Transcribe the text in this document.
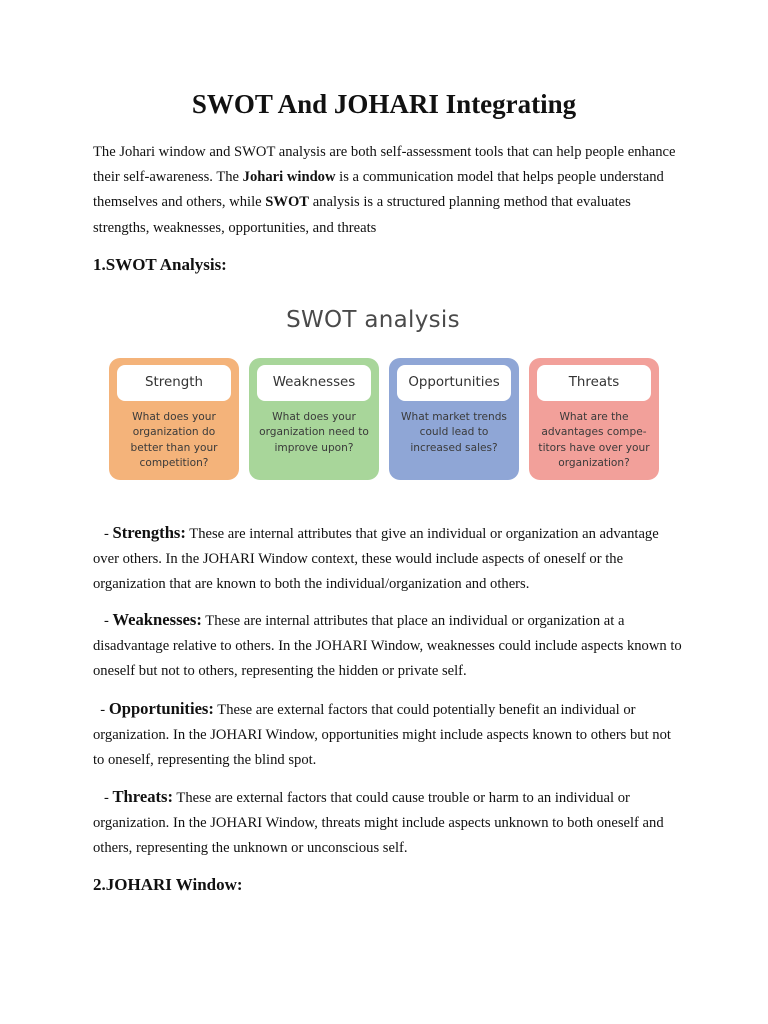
SWOT And JOHARI Integrating

The Johari window and SWOT analysis are both self-assessment tools that can help people enhance their self-awareness. The Johari window is a communication model that helps people understand themselves and others, while SWOT analysis is a structured planning method that evaluates strengths, weaknesses, opportunities, and threats

1.SWOT Analysis:
SWOT analysis
Strength
What does your organization do better than your competition?
Weaknesses
What does your organization need to improve upon?
Opportunities
What market trends could lead to increased sales?
Threats
What are the advantages compe-titors have over your organization?

- Strengths: These are internal attributes that give an individual or organization an advantage over others. In the JOHARI Window context, these would include aspects of oneself or the organization that are known to both the individual/organization and others.

- Weaknesses: These are internal attributes that place an individual or organization at a disadvantage relative to others. In the JOHARI Window, weaknesses could include aspects known to oneself but not to others, representing the hidden or private self.

- Opportunities: These are external factors that could potentially benefit an individual or organization. In the JOHARI Window, opportunities might include aspects known to others but not to oneself, representing the blind spot.

- Threats: These are external factors that could cause trouble or harm to an individual or organization. In the JOHARI Window, threats might include aspects unknown to both oneself and others, representing the unknown or unconscious self.

2.JOHARI Window:
